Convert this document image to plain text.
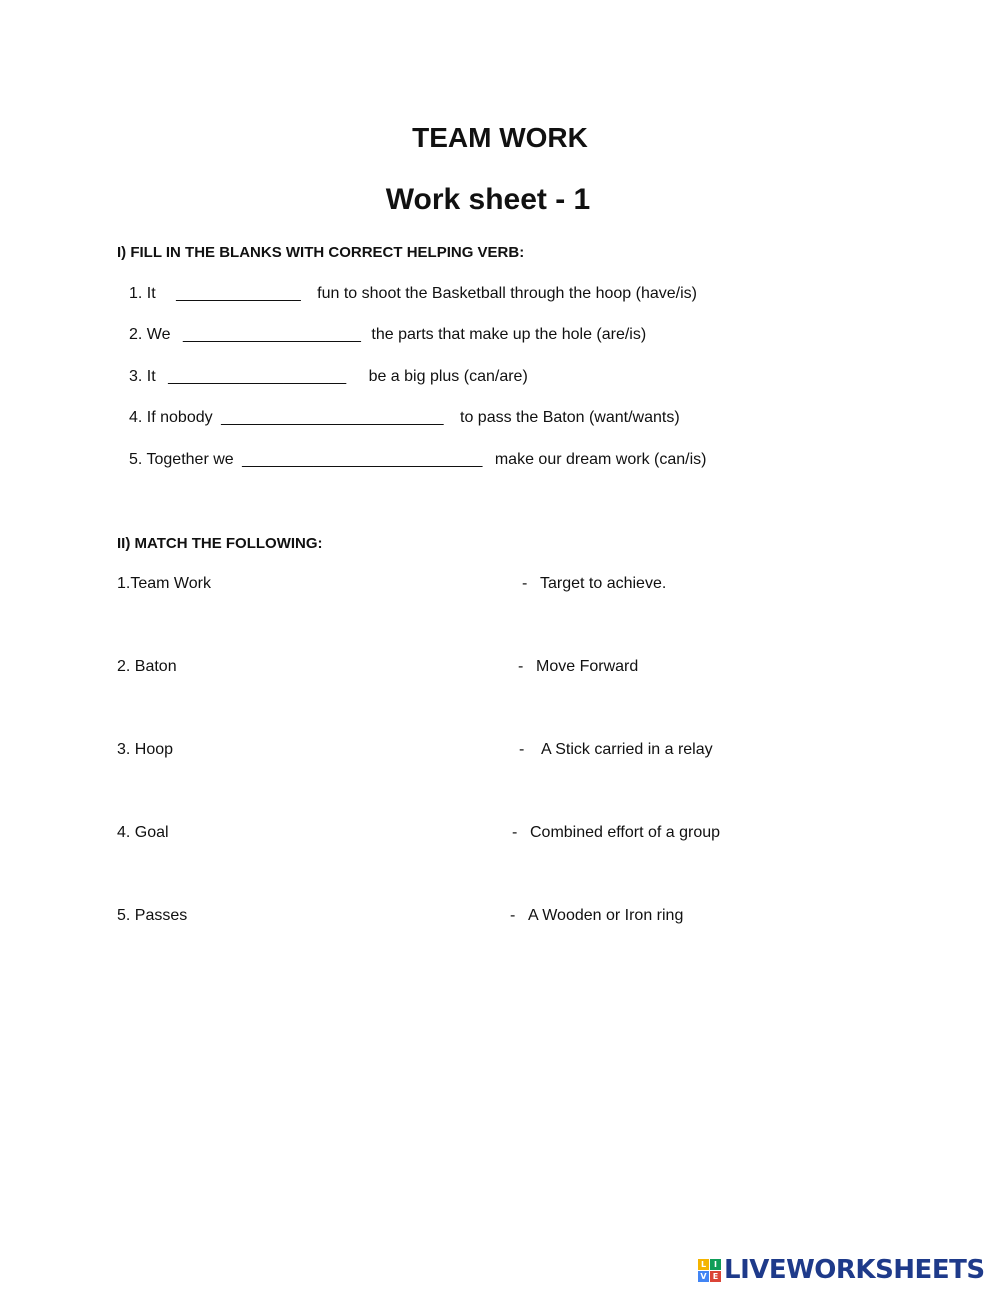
TEAM WORK
Work sheet - 1
I) FILL IN THE BLANKS WITH CORRECT HELPING VERB:
1. It ______________ fun to shoot the Basketball through the hoop (have/is)
2. We ____________________ the parts that make up the hole (are/is)
3. It ____________________ be a big plus (can/are)
4. If nobody _________________________ to pass the Baton (want/wants)
5. Together we ___________________________ make our dream work (can/is)
II) MATCH THE FOLLOWING:
1.Team Work	- Target to achieve.
2. Baton	- Move Forward
3. Hoop	- A Stick carried in a relay
4. Goal	- Combined effort of a group
5. Passes	- A Wooden or Iron ring
L I
V E LIVEWORKSHEETS
